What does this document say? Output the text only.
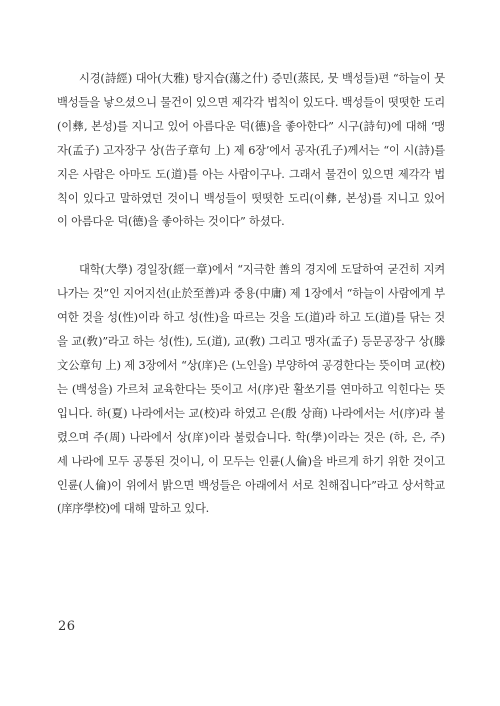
시경(詩經) 대아(大雅) 탕지습(蕩之什) 증민(蒸民, 뭇 백성들)편 “하늘이 뭇 백성들을 낳으셨으니 물건이 있으면 제각각 법칙이 있도다. 백성들이 떳떳한 도리(이彝, 본성)를 지니고 있어 아름다운 덕(德)을 좋아한다” 시구(詩句)에 대해 ‘맹자(孟子) 고자장구 상(告子章句 上) 제 6장’에서 공자(孔子)께서는 “이 시(詩)를 지은 사람은 아마도 도(道)를 아는 사람이구나. 그래서 물건이 있으면 제각각 법칙이 있다고 말하였던 것이니 백성들이 떳떳한 도리(이彝, 본성)를 지니고 있어 이 아름다운 덕(德)을 좋아하는 것이다” 하셨다.

대학(大學) 경일장(經一章)에서 “지극한 善의 경지에 도달하여 굳건히 지켜 나가는 것”인 지어지선(止於至善)과 중용(中庸) 제 1장에서 “하늘이 사람에게 부여한 것을 성(性)이라 하고 성(性)을 따르는 것을 도(道)라 하고 도(道)를 닦는 것을 교(敎)”라고 하는 성(性), 도(道), 교(敎) 그리고 맹자(孟子) 등문공장구 상(滕文公章句 上) 제 3장에서 “상(庠)은 (노인을) 부양하여 공경한다는 뜻이며 교(校)는 (백성을) 가르쳐 교육한다는 뜻이고 서(序)란 활쏘기를 연마하고 익힌다는 뜻입니다. 하(夏) 나라에서는 교(校)라 하였고 은(殷 상商) 나라에서는 서(序)라 불렸으며 주(周) 나라에서 상(庠)이라 불렀습니다. 학(學)이라는 것은 (하, 은, 주) 세 나라에 모두 공통된 것이니, 이 모두는 인륜(人倫)을 바르게 하기 위한 것이고 인륜(人倫)이 위에서 밝으면 백성들은 아래에서 서로 친해집니다”라고 상서학교(庠序學校)에 대해 말하고 있다.

26
